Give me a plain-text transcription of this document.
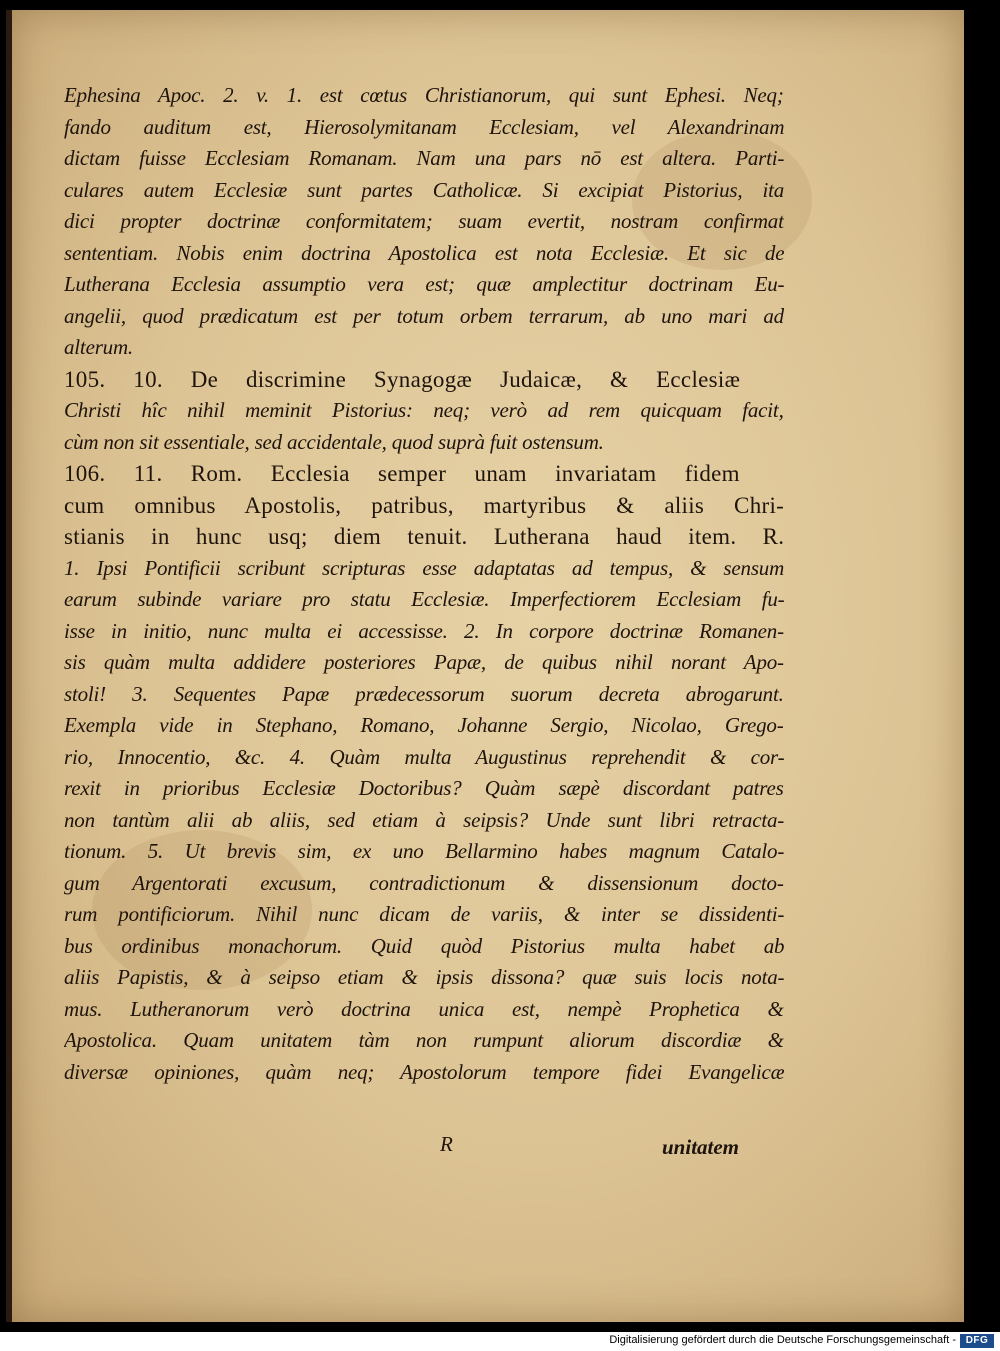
Ephesina Apoc. 2. v. 1. est cœtus Christianorum, qui sunt Ephesi. Neq;
fando auditum est, Hierosolymitanam Ecclesiam, vel Alexandrinam
dictam fuisse Ecclesiam Romanam. Nam una pars nō est altera. Parti-
culares autem Ecclesiæ sunt partes Catholicæ. Si excipiat Pistorius, ita
dici propter doctrinæ conformitatem; suam evertit, nostram confirmat
sententiam. Nobis enim doctrina Apostolica est nota Ecclesiæ. Et sic de
Lutherana Ecclesia assumptio vera est; quæ amplectitur doctrinam Eu-
angelii, quod prædicatum est per totum orbem terrarum, ab uno mari ad
alterum.
105. 10. De discrimine Synagogæ Judaicæ, & Ecclesiæ
Christi hîc nihil meminit Pistorius: neq; verò ad rem quicquam facit,
cùm non sit essentiale, sed accidentale, quod suprà fuit ostensum.
106. 11. Rom. Ecclesia semper unam invariatam fidem
cum omnibus Apostolis, patribus, martyribus & aliis Chri-
stianis in hunc usq; diem tenuit. Lutherana haud item. R.
1. Ipsi Pontificii scribunt scripturas esse adaptatas ad tempus, & sensum
earum subinde variare pro statu Ecclesiæ. Imperfectiorem Ecclesiam fu-
isse in initio, nunc multa ei accessisse. 2. In corpore doctrinæ Romanen-
sis quàm multa addidere posteriores Papæ, de quibus nihil norant Apo-
stoli! 3. Sequentes Papæ prædecessorum suorum decreta abrogarunt.
Exempla vide in Stephano, Romano, Johanne Sergio, Nicolao, Grego-
rio, Innocentio, &c. 4. Quàm multa Augustinus reprehendit & cor-
rexit in prioribus Ecclesiæ Doctoribus? Quàm sæpè discordant patres
non tantùm alii ab aliis, sed etiam à seipsis? Unde sunt libri retracta-
tionum. 5. Ut brevis sim, ex uno Bellarmino habes magnum Catalo-
gum Argentorati excusum, contradictionum & dissensionum docto-
rum pontificiorum. Nihil nunc dicam de variis, & inter se dissidenti-
bus ordinibus monachorum. Quid quòd Pistorius multa habet ab
aliis Papistis, & à seipso etiam & ipsis dissona? quæ suis locis nota-
mus. Lutheranorum verò doctrina unica est, nempè Prophetica &
Apostolica. Quam unitatem tàm non rumpunt aliorum discordiæ &
diversæ opiniones, quàm neq; Apostolorum tempore fidei Evangelicæ
R	unitatem
Digitalisierung gefördert durch die Deutsche Forschungsgemeinschaft - DFG
